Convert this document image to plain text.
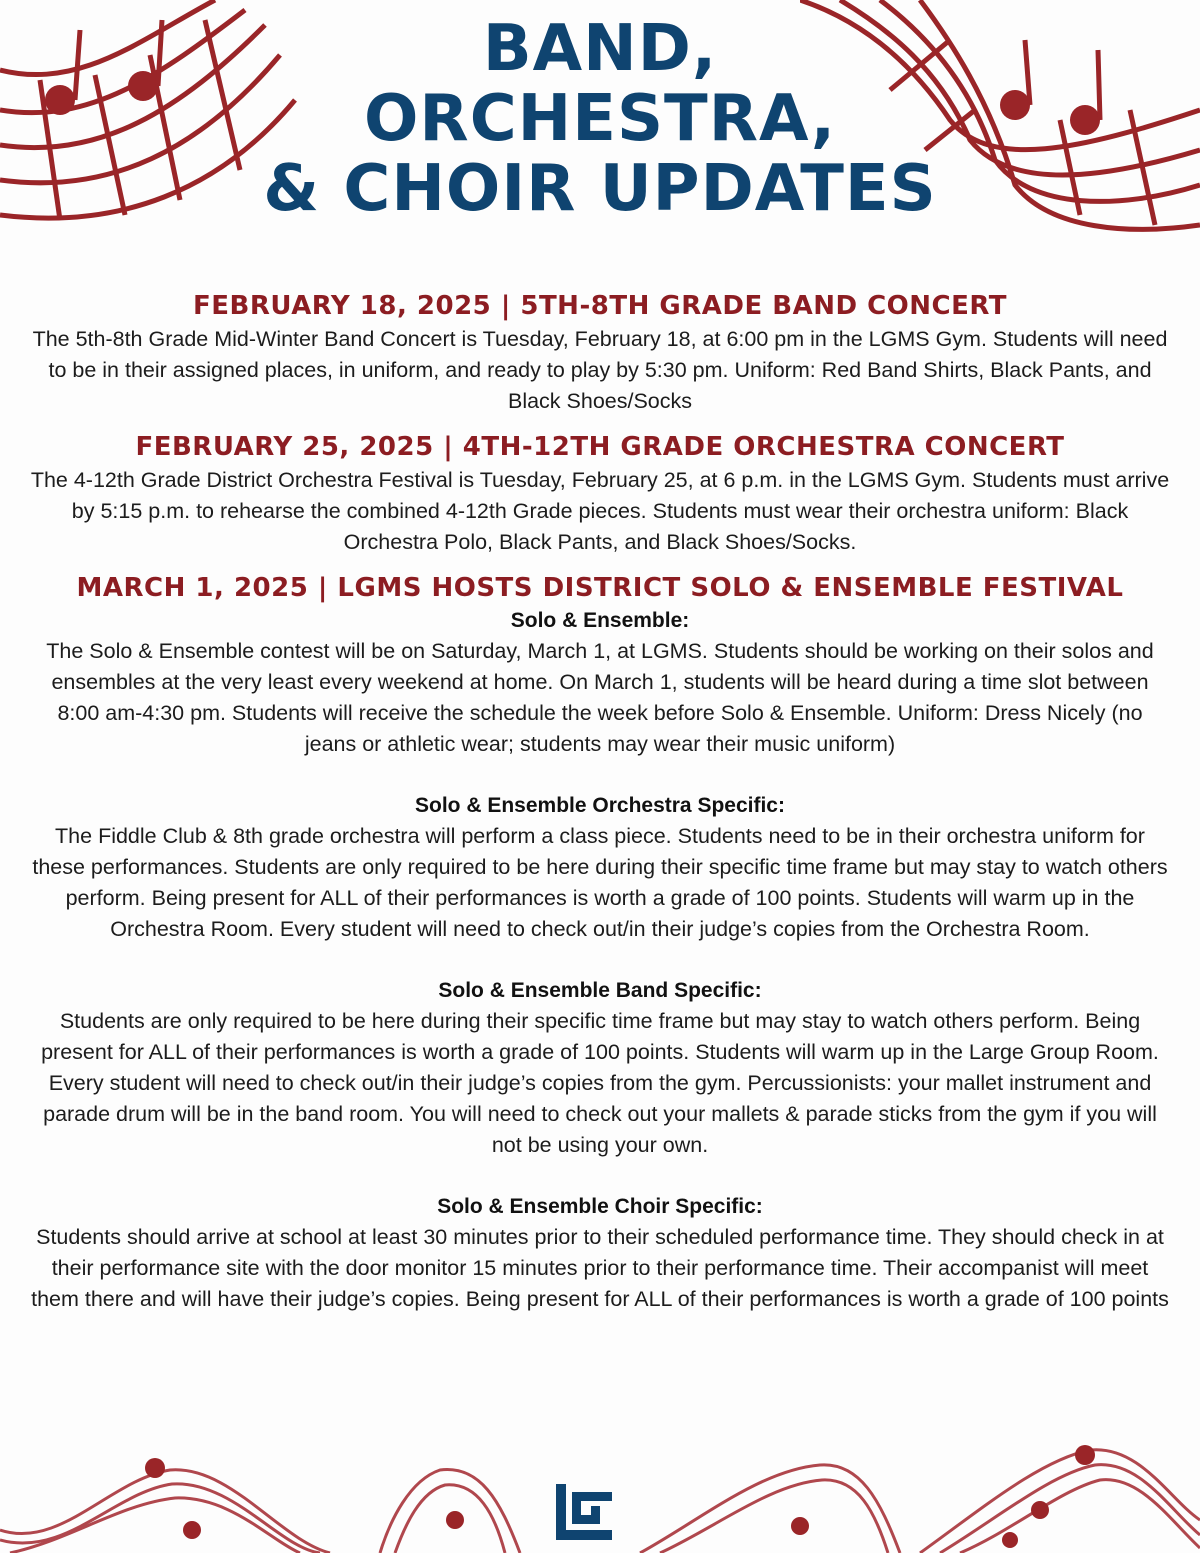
BAND,
ORCHESTRA,
& CHOIR UPDATES
FEBRUARY 18, 2025 | 5TH-8TH GRADE BAND CONCERT

The 5th-8th Grade Mid-Winter Band Concert is Tuesday, February 18, at 6:00 pm in the LGMS Gym. Students will need to be in their assigned places, in uniform, and ready to play by 5:30 pm. Uniform: Red Band Shirts, Black Pants, and Black Shoes/Socks

FEBRUARY 25, 2025 | 4TH-12TH GRADE ORCHESTRA CONCERT

The 4-12th Grade District Orchestra Festival is Tuesday, February 25, at 6 p.m. in the LGMS Gym. Students must arrive by 5:15 p.m. to rehearse the combined 4-12th Grade pieces. Students must wear their orchestra uniform: Black Orchestra Polo, Black Pants, and Black Shoes/Socks.

MARCH 1, 2025 | LGMS HOSTS DISTRICT SOLO & ENSEMBLE FESTIVAL
Solo & Ensemble:

The Solo & Ensemble contest will be on Saturday, March 1, at LGMS. Students should be working on their solos and ensembles at the very least every weekend at home. On March 1, students will be heard during a time slot between 8:00 am-4:30 pm. Students will receive the schedule the week before Solo & Ensemble. Uniform: Dress Nicely (no jeans or athletic wear; students may wear their music uniform)

Solo & Ensemble Orchestra Specific:

The Fiddle Club & 8th grade orchestra will perform a class piece. Students need to be in their orchestra uniform for these performances. Students are only required to be here during their specific time frame but may stay to watch others perform. Being present for ALL of their performances is worth a grade of 100 points. Students will warm up in the Orchestra Room. Every student will need to check out/in their judge’s copies from the Orchestra Room.

Solo & Ensemble Band Specific:

Students are only required to be here during their specific time frame but may stay to watch others perform. Being present for ALL of their performances is worth a grade of 100 points. Students will warm up in the Large Group Room. Every student will need to check out/in their judge’s copies from the gym. Percussionists: your mallet instrument and parade drum will be in the band room. You will need to check out your mallets & parade sticks from the gym if you will not be using your own.

Solo & Ensemble Choir Specific:

Students should arrive at school at least 30 minutes prior to their scheduled performance time. They should check in at their performance site with the door monitor 15 minutes prior to their performance time. Their accompanist will meet them there and will have their judge’s copies. Being present for ALL of their performances is worth a grade of 100 points
